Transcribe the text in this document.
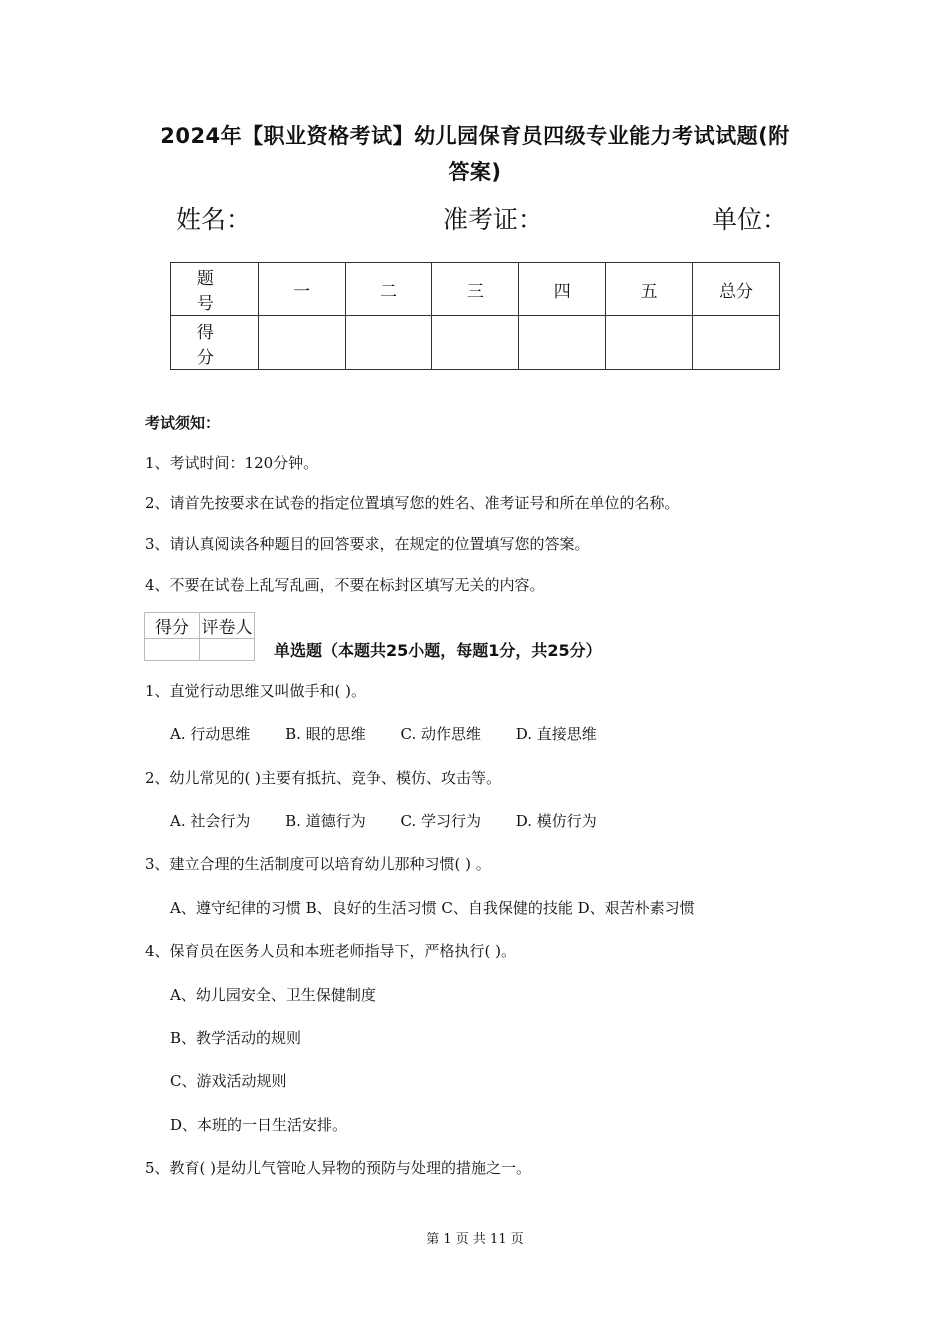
2024年【职业资格考试】幼儿园保育员四级专业能力考试试题(附
答案)
姓名：	准考证：	单位：
题 号	一	二	三	四	五	总分
得 分						
考试须知：
1、考试时间：120分钟。
2、请首先按要求在试卷的指定位置填写您的姓名、准考证号和所在单位的名称。
3、请认真阅读各种题目的回答要求，在规定的位置填写您的答案。
4、不要在试卷上乱写乱画，不要在标封区填写无关的内容。
得分	评卷人

单选题（本题共25小题，每题1分，共25分）
1、直觉行动思维又叫做手和( )。
A. 行动思维 B. 眼的思维 C. 动作思维 D. 直接思维
2、幼儿常见的( )主要有抵抗、竞争、模仿、攻击等。
A. 社会行为 B. 道德行为 C. 学习行为 D. 模仿行为
3、建立合理的生活制度可以培育幼儿那种习惯( ) 。
A、遵守纪律的习惯 B、良好的生活习惯 C、自我保健的技能 D、艰苦朴素习惯
4、保育员在医务人员和本班老师指导下，严格执行( )。
A、幼儿园安全、卫生保健制度
B、教学活动的规则
C、游戏活动规则
D、本班的一日生活安排。
5、教育( )是幼儿气管呛人异物的预防与处理的措施之一。
第 1 页 共 11 页
